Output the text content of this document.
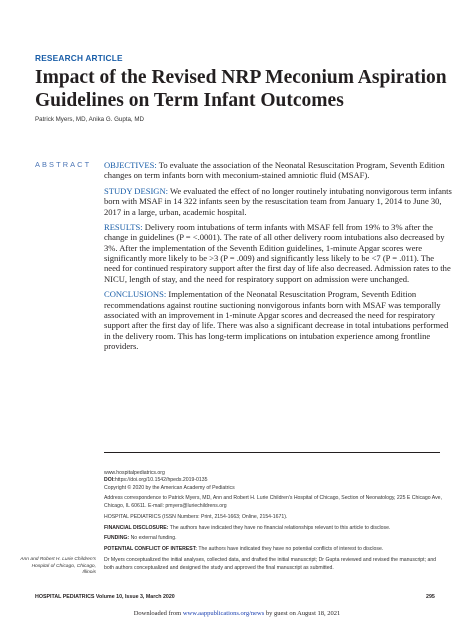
RESEARCH ARTICLE
Impact of the Revised NRP Meconium Aspiration Guidelines on Term Infant Outcomes
Patrick Myers, MD, Anika G. Gupta, MD
ABSTRACT OBJECTIVES: To evaluate the association of the Neonatal Resuscitation Program, Seventh Edition changes on term infants born with meconium-stained amniotic fluid (MSAF).

STUDY DESIGN: We evaluated the effect of no longer routinely intubating nonvigorous term infants born with MSAF in 14 322 infants seen by the resuscitation team from January 1, 2014 to June 30, 2017 in a large, urban, academic hospital.

RESULTS: Delivery room intubations of term infants with MSAF fell from 19% to 3% after the change in guidelines (P = <.0001). The rate of all other delivery room intubations also decreased by 3%. After the implementation of the Seventh Edition guidelines, 1-minute Apgar scores were significantly more likely to be >3 (P = .009) and significantly less likely to be <7 (P = .011). The need for continued respiratory support after the first day of life also decreased. Admission rates to the NICU, length of stay, and the need for respiratory support on admission were unchanged.

CONCLUSIONS: Implementation of the Neonatal Resuscitation Program, Seventh Edition recommendations against routine suctioning nonvigorous infants born with MSAF was temporally associated with an improvement in 1-minute Apgar scores and decreased the need for respiratory support after the first day of life. There was also a significant decrease in total intubations performed in the delivery room. This has long-term implications on intubation experience among frontline providers.

www.hospitalpediatrics.org
DOI:https://doi.org/10.1542/hpeds.2019-0135
Copyright © 2020 by the American Academy of Pediatrics
Address correspondence to Patrick Myers, MD, Ann and Robert H. Lurie Children's Hospital of Chicago, Section of Neonatology, 225 E Chicago Ave, Chicago, IL 60611. E-mail: pmyers@luriechildrens.org
HOSPITAL PEDIATRICS (ISSN Numbers: Print, 2154-1663; Online, 2154-1671).
FINANCIAL DISCLOSURE: The authors have indicated they have no financial relationships relevant to this article to disclose.
FUNDING: No external funding.
POTENTIAL CONFLICT OF INTEREST: The authors have indicated they have no potential conflicts of interest to disclose.
Dr Myers conceptualized the initial analyses, collected data, and drafted the initial manuscript; Dr Gupta reviewed and revised the manuscript; and both authors conceptualized and designed the study and approved the final manuscript as submitted.
Ann and Robert H. Lurie Children's Hospital of Chicago, Chicago, Illinois
HOSPITAL PEDIATRICS Volume 10, Issue 3, March 2020	295
Downloaded from www.aappublications.org/news by guest on August 18, 2021
